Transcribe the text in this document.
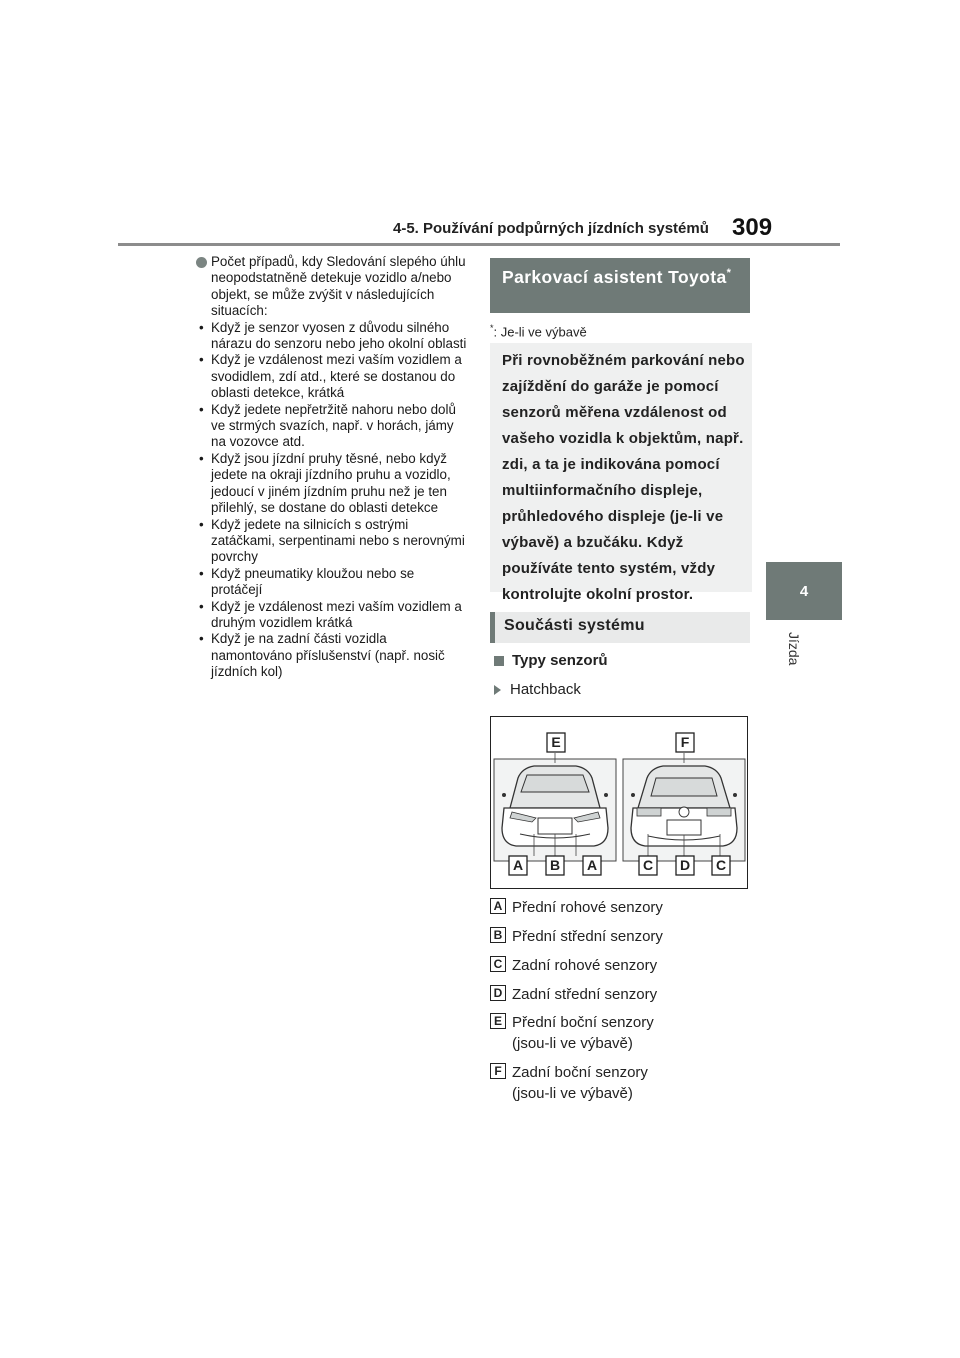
4-5. Používání podpůrných jízdních systémů 309
4
Jízda
Počet případů, kdy Sledování slepého úhlu neopodstatněně detekuje vozidlo a/nebo objekt, se může zvýšit v následujících situacích:
• Když je senzor vyosen z důvodu silného nárazu do senzoru nebo jeho okolní oblasti
• Když je vzdálenost mezi vaším vozidlem a svodidlem, zdí atd., které se dostanou do oblasti detekce, krátká
• Když jedete nepřetržitě nahoru nebo dolů ve strmých svazích, např. v horách, jámy na vozovce atd.
• Když jsou jízdní pruhy těsné, nebo když jedete na okraji jízdního pruhu a vozidlo, jedoucí v jiném jízdním pruhu než je ten přilehlý, se dostane do oblasti detekce
• Když jedete na silnicích s ostrými zatáčkami, serpentinami nebo s nerovnými povrchy
• Když pneumatiky kloužou nebo se protáčejí
• Když je vzdálenost mezi vaším vozidlem a druhým vozidlem krátká
• Když je na zadní části vozidla namontováno příslušenství (např. nosič jízdních kol)
Parkovací asistent Toyota*
*: Je-li ve výbavě
Při rovnoběžném parkování nebo zajíždění do garáže je pomocí senzorů měřena vzdálenost od vašeho vozidla k objektům, např. zdi, a ta je indikována pomocí multiinformačního displeje, průhledového displeje (je-li ve výbavě) a bzučáku. Když používáte tento systém, vždy kontrolujte okolní prostor.
Součásti systému
Typy senzorů
Hatchback
E	F
A B A	C D C
A Přední rohové senzory
B Přední střední senzory
C Zadní rohové senzory
D Zadní střední senzory
E Přední boční senzory
(jsou-li ve výbavě)
F Zadní boční senzory
(jsou-li ve výbavě)
